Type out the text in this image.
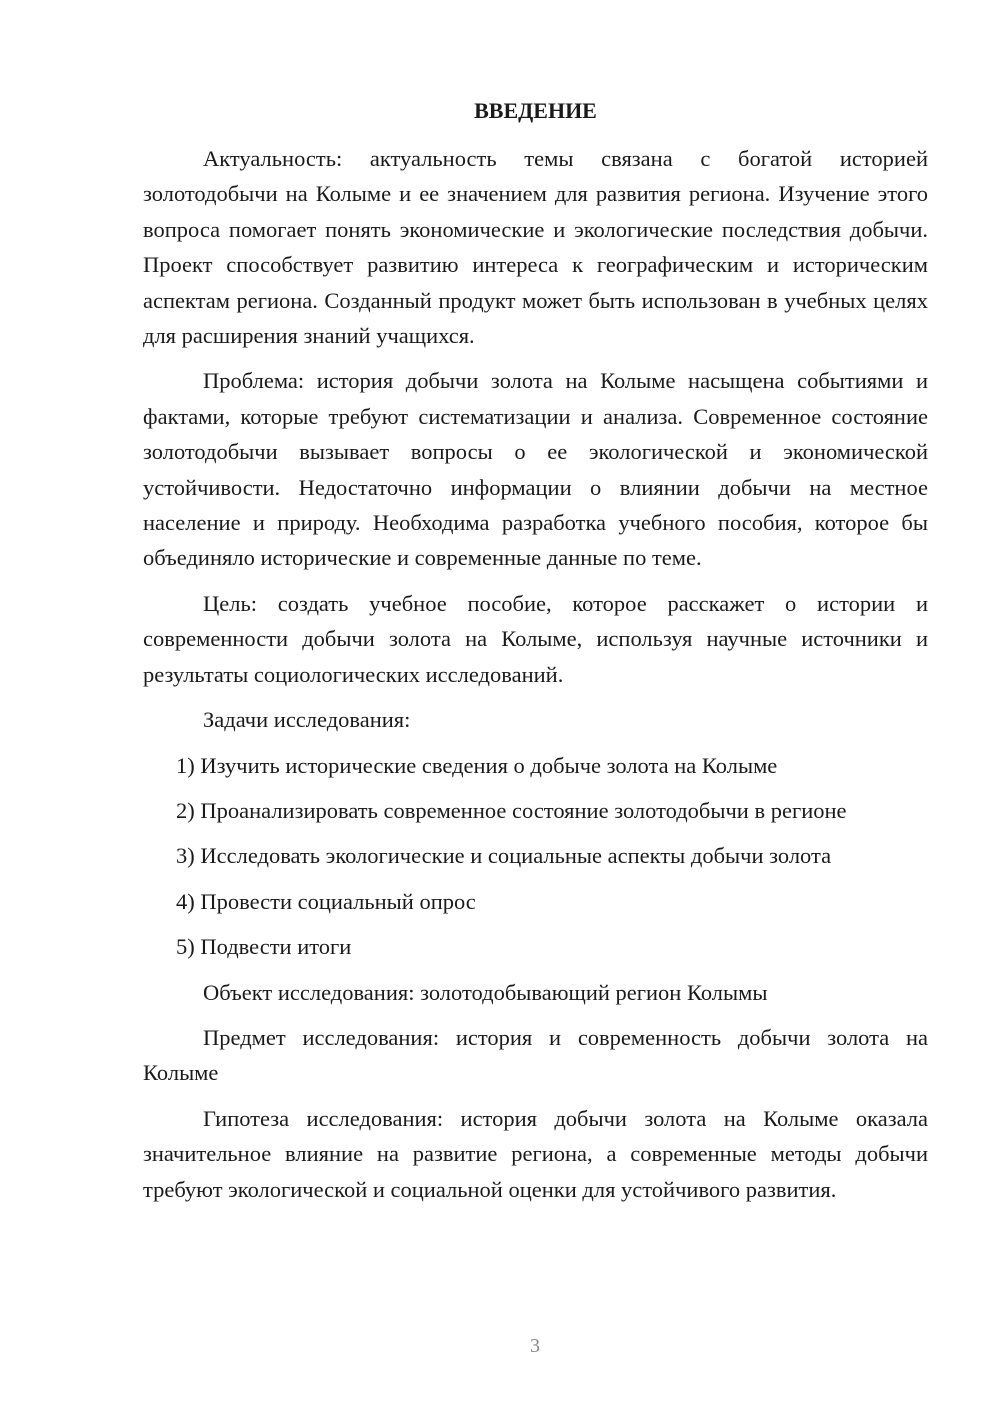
ВВЕДЕНИЕ

Актуальность: актуальность темы связана с богатой историей золотодобычи на Колыме и ее значением для развития региона. Изучение этого вопроса помогает понять экономические и экологические последствия добычи. Проект способствует развитию интереса к географическим и историческим аспектам региона. Созданный продукт может быть использован в учебных целях для расширения знаний учащихся.

Проблема: история добычи золота на Колыме насыщена событиями и фактами, которые требуют систематизации и анализа. Современное состояние золотодобычи вызывает вопросы о ее экологической и экономической устойчивости. Недостаточно информации о влиянии добычи на местное население и природу. Необходима разработка учебного пособия, которое бы объединяло исторические и современные данные по теме.

Цель: создать учебное пособие, которое расскажет о истории и современности добычи золота на Колыме, используя научные источники и результаты социологических исследований.

Задачи исследования:

1) Изучить исторические сведения о добыче золота на Колыме

2) Проанализировать современное состояние золотодобычи в регионе

3) Исследовать экологические и социальные аспекты добычи золота

4) Провести социальный опрос

5) Подвести итоги

Объект исследования: золотодобывающий регион Колымы

Предмет исследования: история и современность добычи золота на Колыме

Гипотеза исследования: история добычи золота на Колыме оказала значительное влияние на развитие региона, а современные методы добычи требуют экологической и социальной оценки для устойчивого развития.

3
